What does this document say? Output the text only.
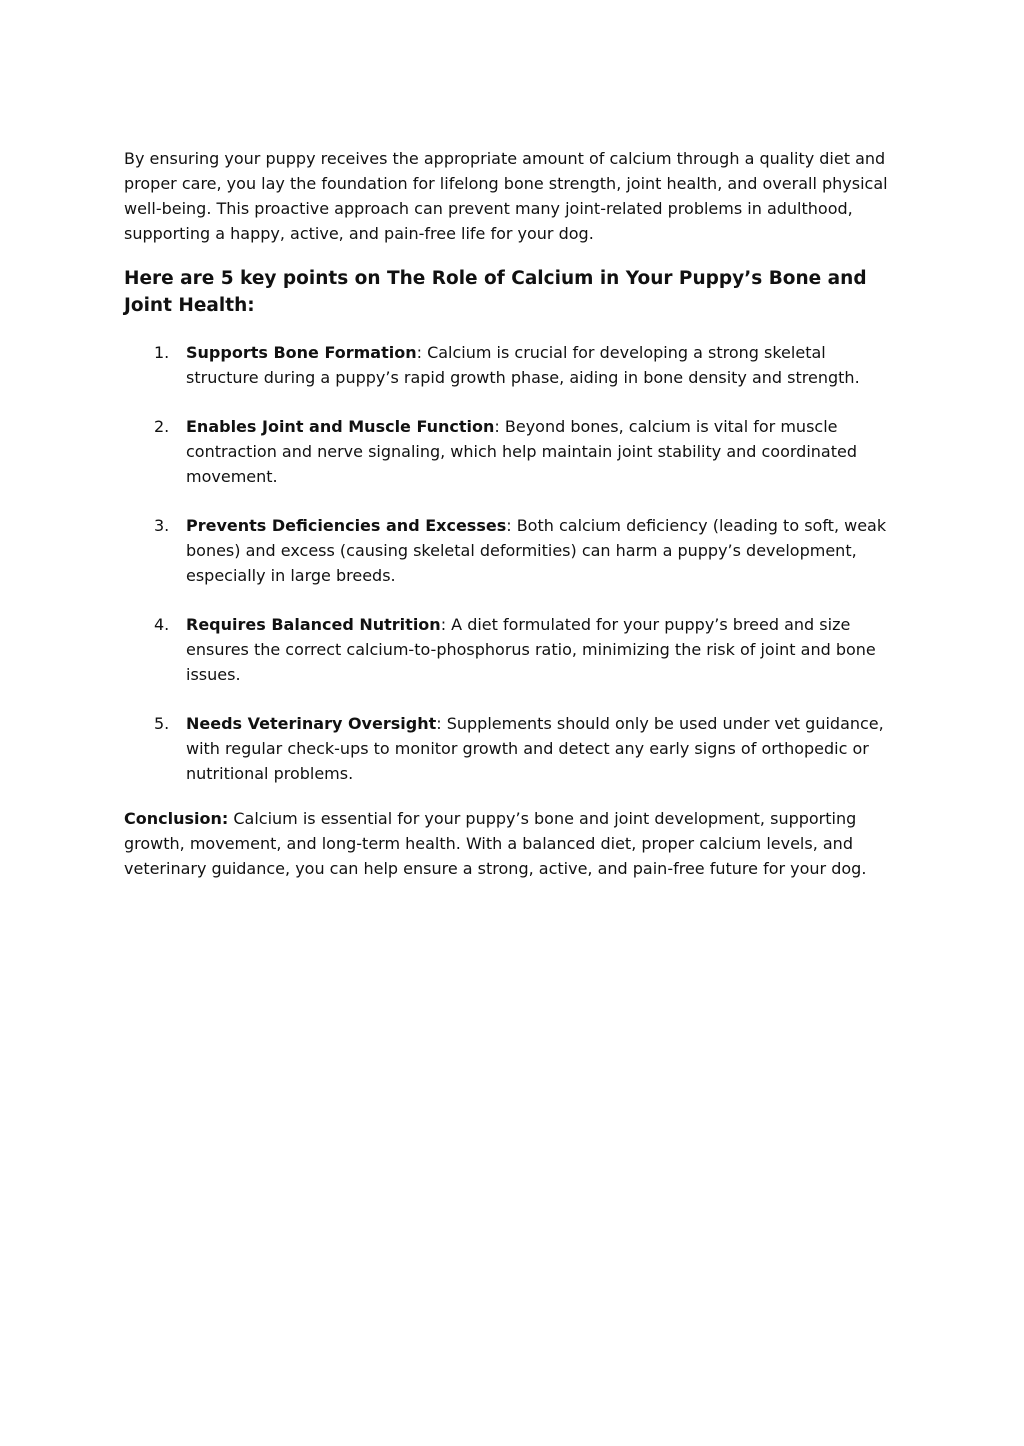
By ensuring your puppy receives the appropriate amount of calcium through a quality diet and proper care, you lay the foundation for lifelong bone strength, joint health, and overall physical well-being. This proactive approach can prevent many joint-related problems in adulthood, supporting a happy, active, and pain-free life for your dog.

Here are 5 key points on The Role of Calcium in Your Puppy’s Bone and Joint Health:
1. Supports Bone Formation: Calcium is crucial for developing a strong skeletal structure during a puppy’s rapid growth phase, aiding in bone density and strength.
2. Enables Joint and Muscle Function: Beyond bones, calcium is vital for muscle contraction and nerve signaling, which help maintain joint stability and coordinated movement.
3. Prevents Deficiencies and Excesses: Both calcium deficiency (leading to soft, weak bones) and excess (causing skeletal deformities) can harm a puppy’s development, especially in large breeds.
4. Requires Balanced Nutrition: A diet formulated for your puppy’s breed and size ensures the correct calcium-to-phosphorus ratio, minimizing the risk of joint and bone issues.
5. Needs Veterinary Oversight: Supplements should only be used under vet guidance, with regular check-ups to monitor growth and detect any early signs of orthopedic or nutritional problems.

Conclusion: Calcium is essential for your puppy’s bone and joint development, supporting growth, movement, and long-term health. With a balanced diet, proper calcium levels, and veterinary guidance, you can help ensure a strong, active, and pain-free future for your dog.
